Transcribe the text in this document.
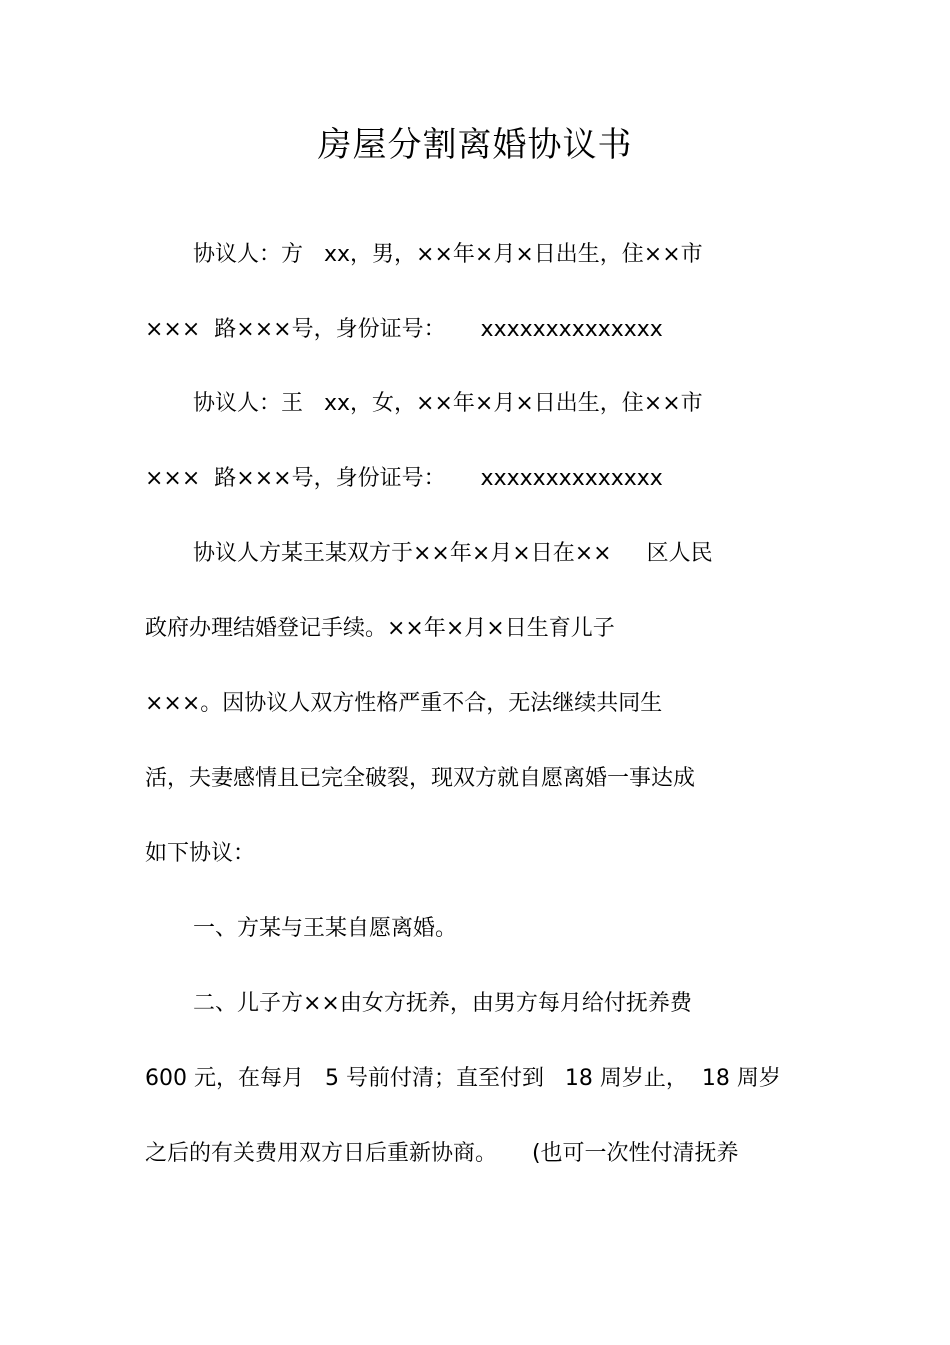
房屋分割离婚协议书
协议人：方   xx，男，××年×月×日出生，住××市
×××  路×××号，身份证号：     xxxxxxxxxxxxxx
协议人：王   xx，女，××年×月×日出生，住××市
×××  路×××号，身份证号：     xxxxxxxxxxxxxx
协议人方某王某双方于××年×月×日在××     区人民
政府办理结婚登记手续。××年×月×日生育儿子
×××。因协议人双方性格严重不合，无法继续共同生
活，夫妻感情且已完全破裂，现双方就自愿离婚一事达成
如下协议：
一、方某与王某自愿离婚。
二、儿子方××由女方抚养，由男方每月给付抚养费
600 元，在每月   5 号前付清；直至付到   18 周岁止，  18 周岁
之后的有关费用双方日后重新协商。     (也可一次性付清抚养
